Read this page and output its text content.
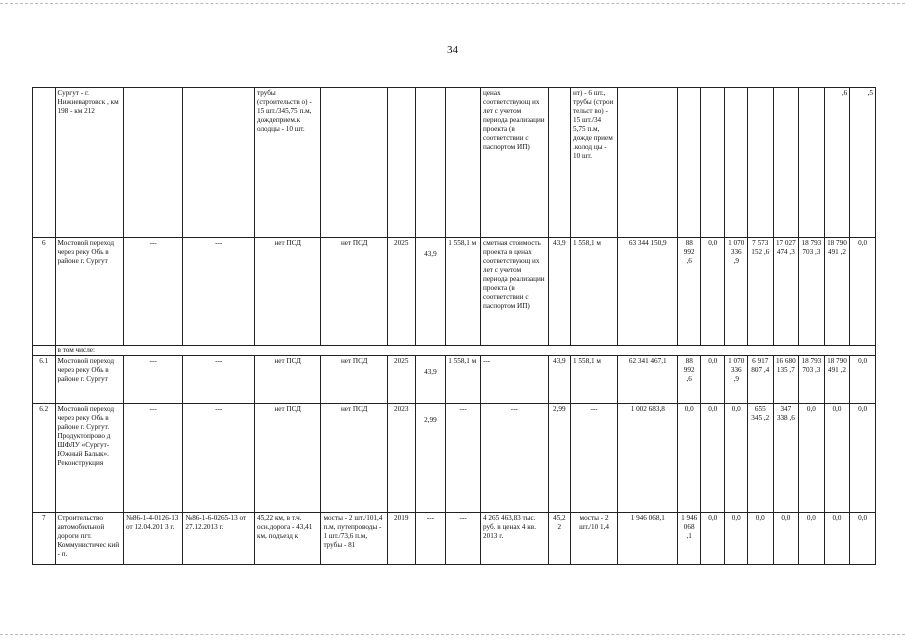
34
	Сургут - г. Нижневартовск , км 198 - км 212			трубы (строительств о) - 15 шт./345,75 п.м, дождеприем.к олодцы - 10 шт.					ценах соответствующ их лет с учетом периода реализации проекта (в соответствии с паспортом ИП)		нт) - 6 шт., трубы (строи тельст во) - 15 шт./34 5,75 п.м, дожде прием .колод цы - 10 шт.								,6	,5
6	Мостовой переход через реку Обь в районе г. Сургут	---	---	нет ПСД	нет ПСД	2025	43,9	1 558,1 м	сметная стоимость проекта в ценах соответствующ их лет с учетом периода реализации проекта (в соответствии с паспортом ИП)	43,9	1 558,1 м	63 344 150,9	88 992 ,6	0,0	1 070 336 ,9	7 573 152 ,6	17 027 474 ,3	18 793 703 ,3	18 790 491 ,2	0,0
	в том числе:																			
6.1	Мостовой переход через реку Обь в районе г. Сургут	---	---	нет ПСД	нет ПСД	2025	43,9	1 558,1 м	---	43,9	1 558,1 м	62 341 467,1	88 992 ,6	0,0	1 070 336 ,9	6 917 807 ,4	16 680 135 ,7	18 793 703 ,3	18 790 491 ,2	0,0
6.2	Мостовой переход через реку Обь в районе г. Сургут. Продуктопрово д ШФЛУ «Сургут- Южный Балык». Реконструкция	---	---	нет ПСД	нет ПСД	2023	2,99	---	---	2,99	---	1 002 683,8	0,0	0,0	0,0	655 345 ,2	347 338 ,6	0,0	0,0	0,0
7	Строительство автомобильной дороги пгт. Коммунистичес кий - п.	№86-1-4-0126-13 от 12.04.201 3 г.	№86-1-6-0265-13 от 27.12.2013 г.	45,22 км, в т.ч. осн.дорога - 43,41 км, подъезд к	мосты - 2 шт./101,4 п.м, путепроводы - 1 шт./73,6 п.м, трубы - 81	2019	---	---	4 265 463,83 тыс. руб. в ценах 4 кв. 2013 г.	45,2 2	мосты - 2 шт./10 1,4	1 946 068,1	1 946 068 ,1	0,0	0,0	0,0	0,0	0,0	0,0	0,0
